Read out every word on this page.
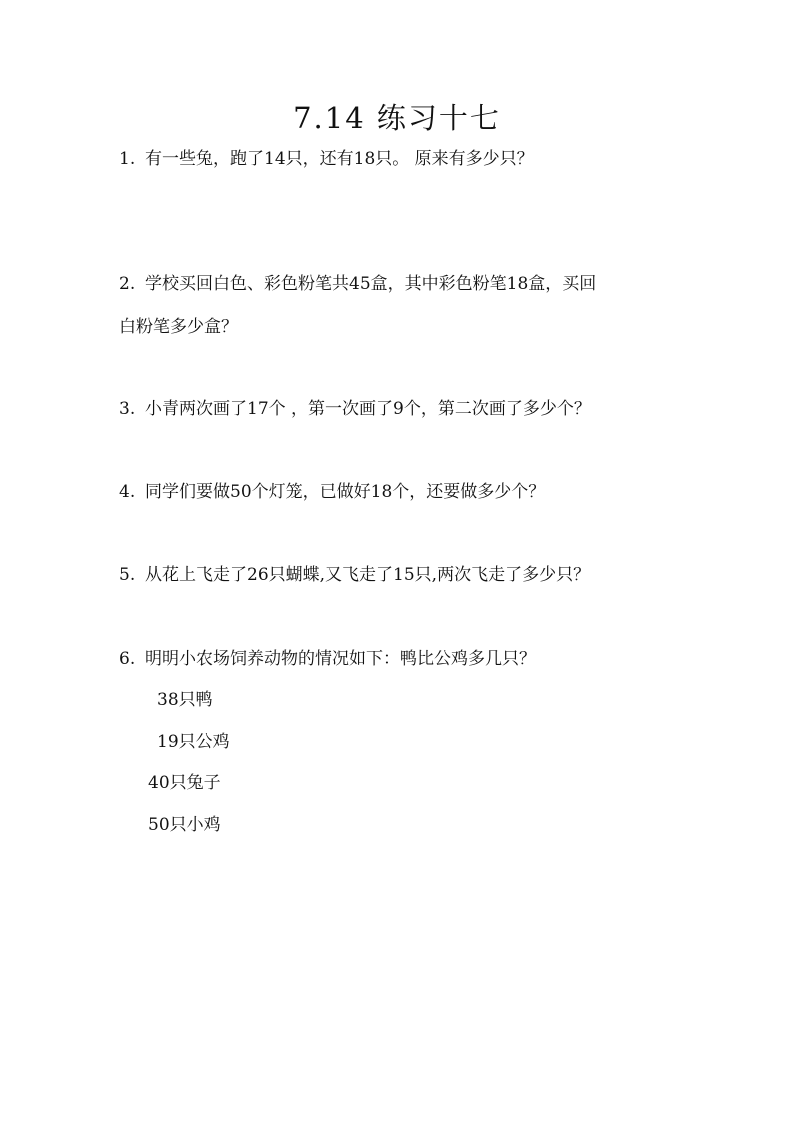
7.14 练习十七
1. 有一些兔，跑了14只，还有18只。 原来有多少只？
2. 学校买回白色、彩色粉笔共45盒，其中彩色粉笔18盒，买回
白粉笔多少盒？
3. 小青两次画了17个 ，第一次画了9个，第二次画了多少个？
4. 同学们要做50个灯笼，已做好18个，还要做多少个？
5. 从花上飞走了26只蝴蝶,又飞走了15只,两次飞走了多少只？
6. 明明小农场饲养动物的情况如下：鸭比公鸡多几只？
38只鸭
19只公鸡
40只兔子
50只小鸡
